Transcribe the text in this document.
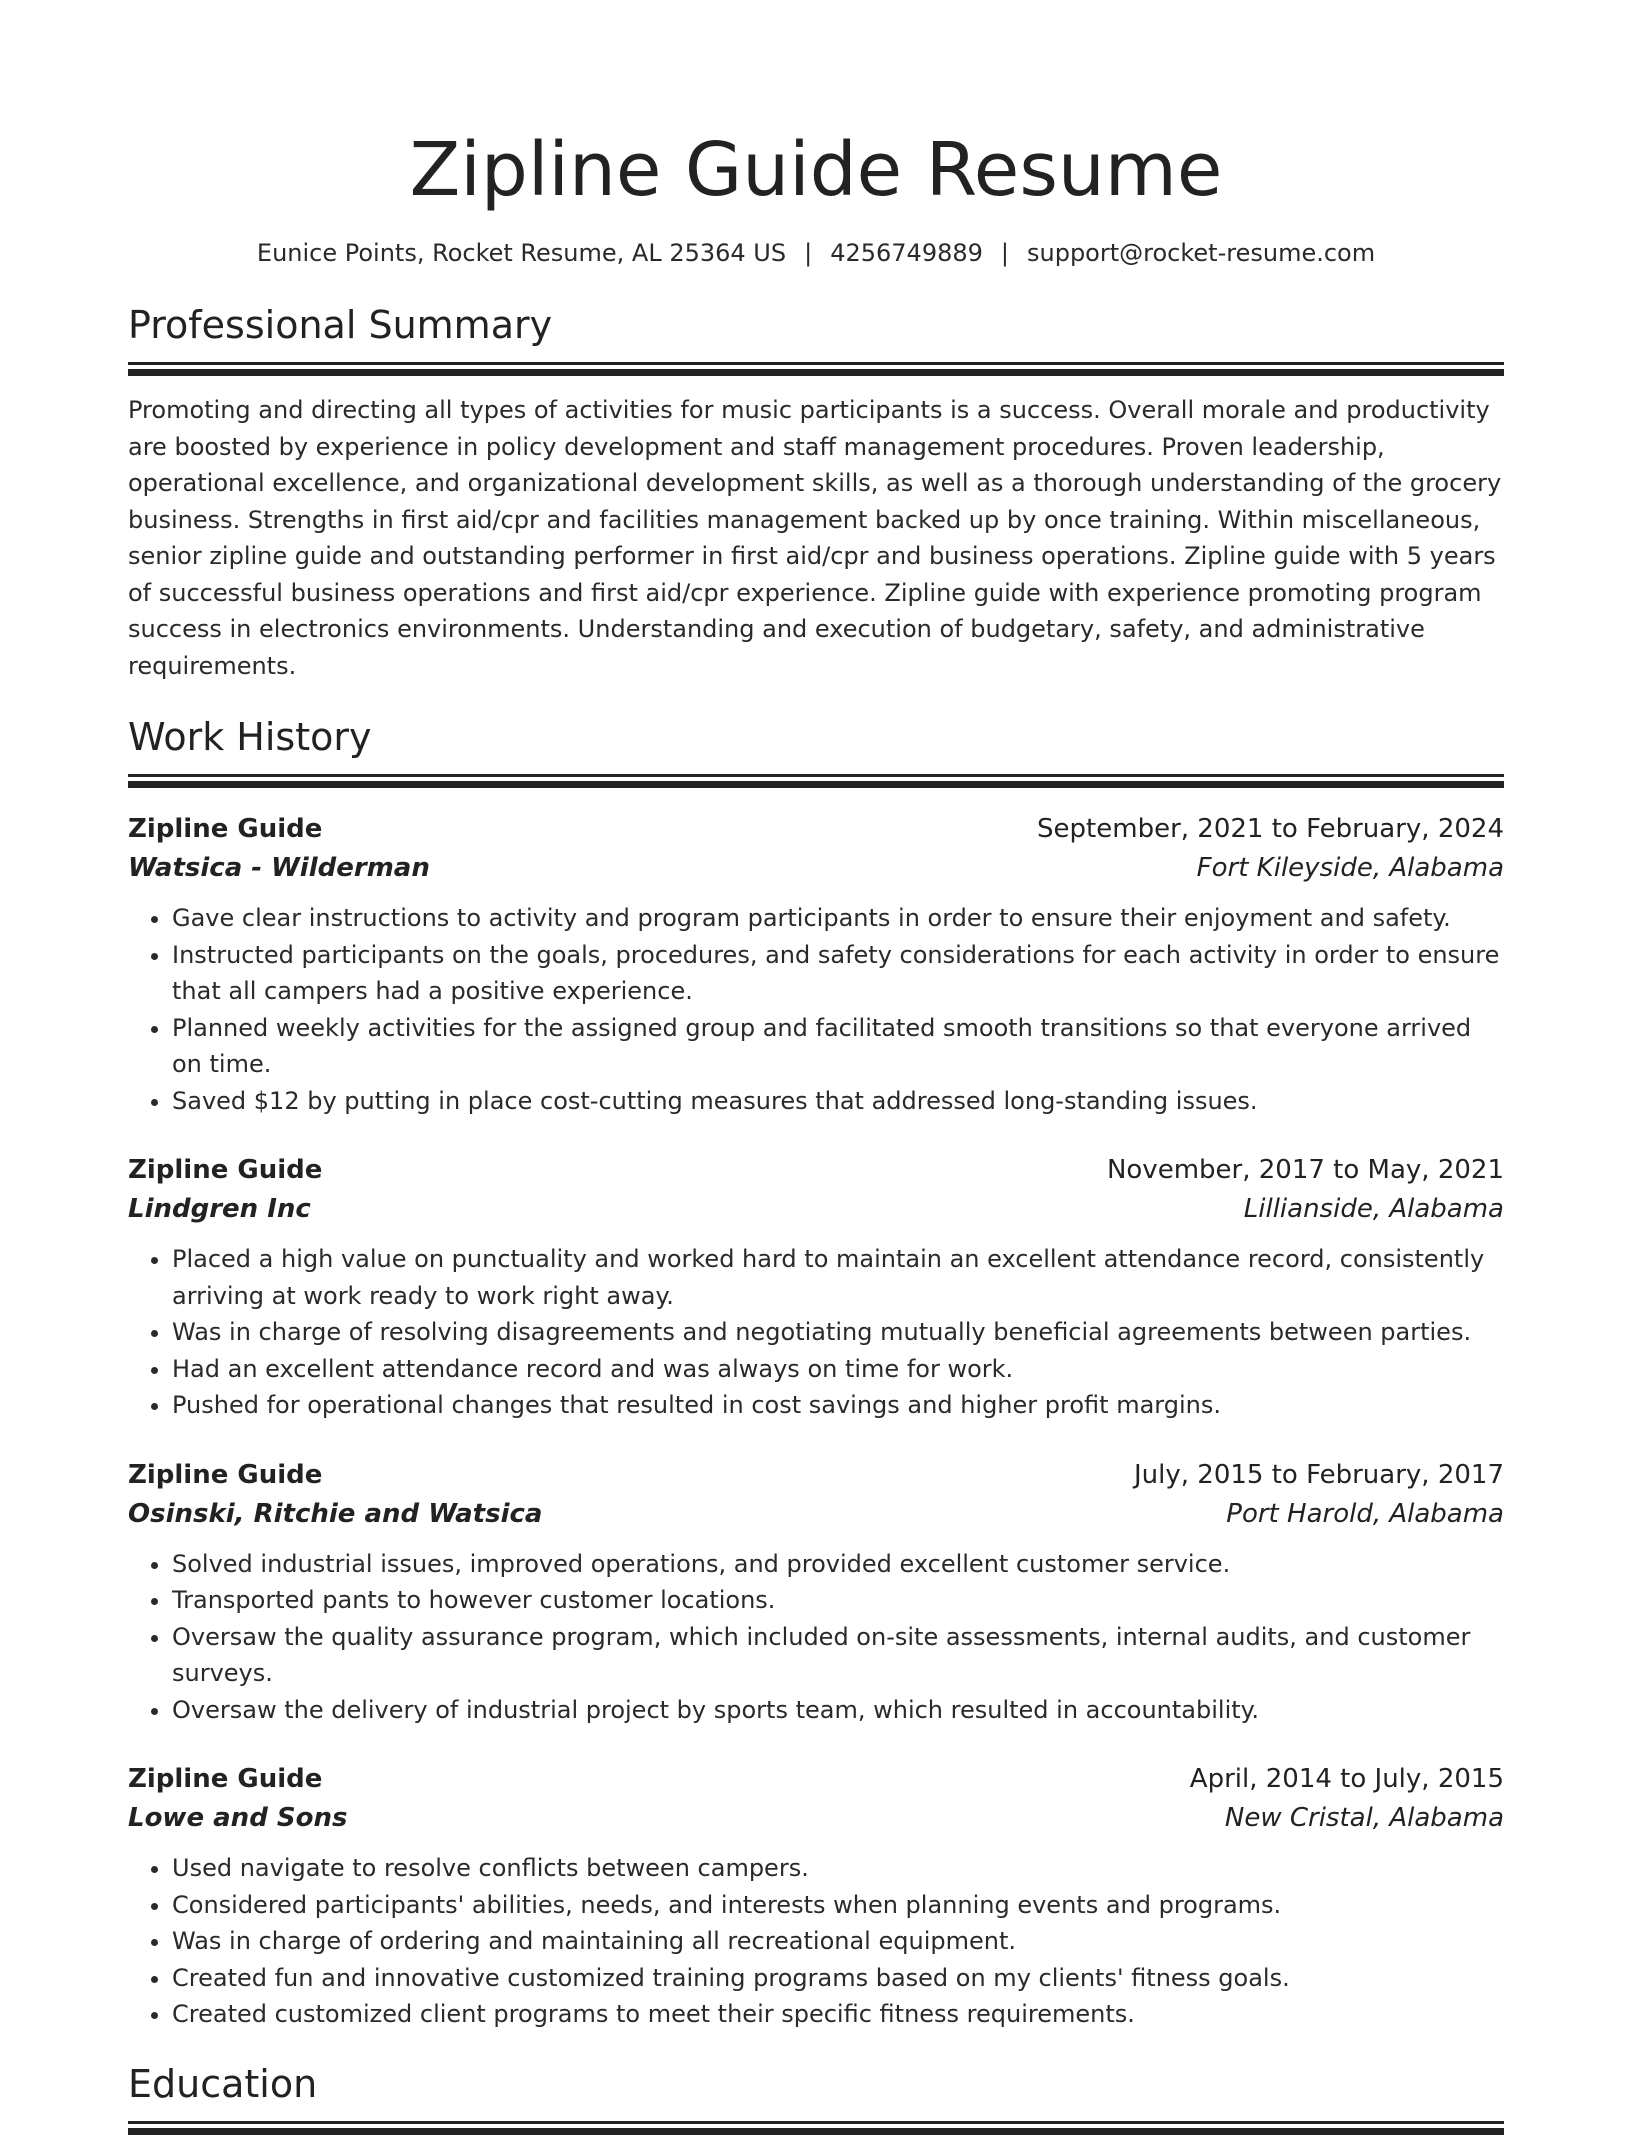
Zipline Guide Resume
Eunice Points, Rocket Resume, AL 25364 US | 4256749889 | support@rocket-resume.com
Professional Summary

Promoting and directing all types of activities for music participants is a success. Overall morale and productivity are boosted by experience in policy development and staff management procedures. Proven leadership, operational excellence, and organizational development skills, as well as a thorough understanding of the grocery business. Strengths in first aid/cpr and facilities management backed up by once training. Within miscellaneous, senior zipline guide and outstanding performer in first aid/cpr and business operations. Zipline guide with 5 years of successful business operations and first aid/cpr experience. Zipline guide with experience promoting program success in electronics environments. Understanding and execution of budgetary, safety, and administrative requirements.

Work History
Zipline Guide	September, 2021 to February, 2024
Watsica - Wilderman	Fort Kileyside, Alabama
• Gave clear instructions to activity and program participants in order to ensure their enjoyment and safety.
• Instructed participants on the goals, procedures, and safety considerations for each activity in order to ensure that all campers had a positive experience.
• Planned weekly activities for the assigned group and facilitated smooth transitions so that everyone arrived on time.
• Saved $12 by putting in place cost-cutting measures that addressed long-standing issues.
Zipline Guide	November, 2017 to May, 2021
Lindgren Inc	Lillianside, Alabama
• Placed a high value on punctuality and worked hard to maintain an excellent attendance record, consistently arriving at work ready to work right away.
• Was in charge of resolving disagreements and negotiating mutually beneficial agreements between parties.
• Had an excellent attendance record and was always on time for work.
• Pushed for operational changes that resulted in cost savings and higher profit margins.
Zipline Guide	July, 2015 to February, 2017
Osinski, Ritchie and Watsica	Port Harold, Alabama
• Solved industrial issues, improved operations, and provided excellent customer service.
• Transported pants to however customer locations.
• Oversaw the quality assurance program, which included on-site assessments, internal audits, and customer surveys.
• Oversaw the delivery of industrial project by sports team, which resulted in accountability.
Zipline Guide	April, 2014 to July, 2015
Lowe and Sons	New Cristal, Alabama
• Used navigate to resolve conflicts between campers.
• Considered participants' abilities, needs, and interests when planning events and programs.
• Was in charge of ordering and maintaining all recreational equipment.
• Created fun and innovative customized training programs based on my clients' fitness goals.
• Created customized client programs to meet their specific fitness requirements.
Education
